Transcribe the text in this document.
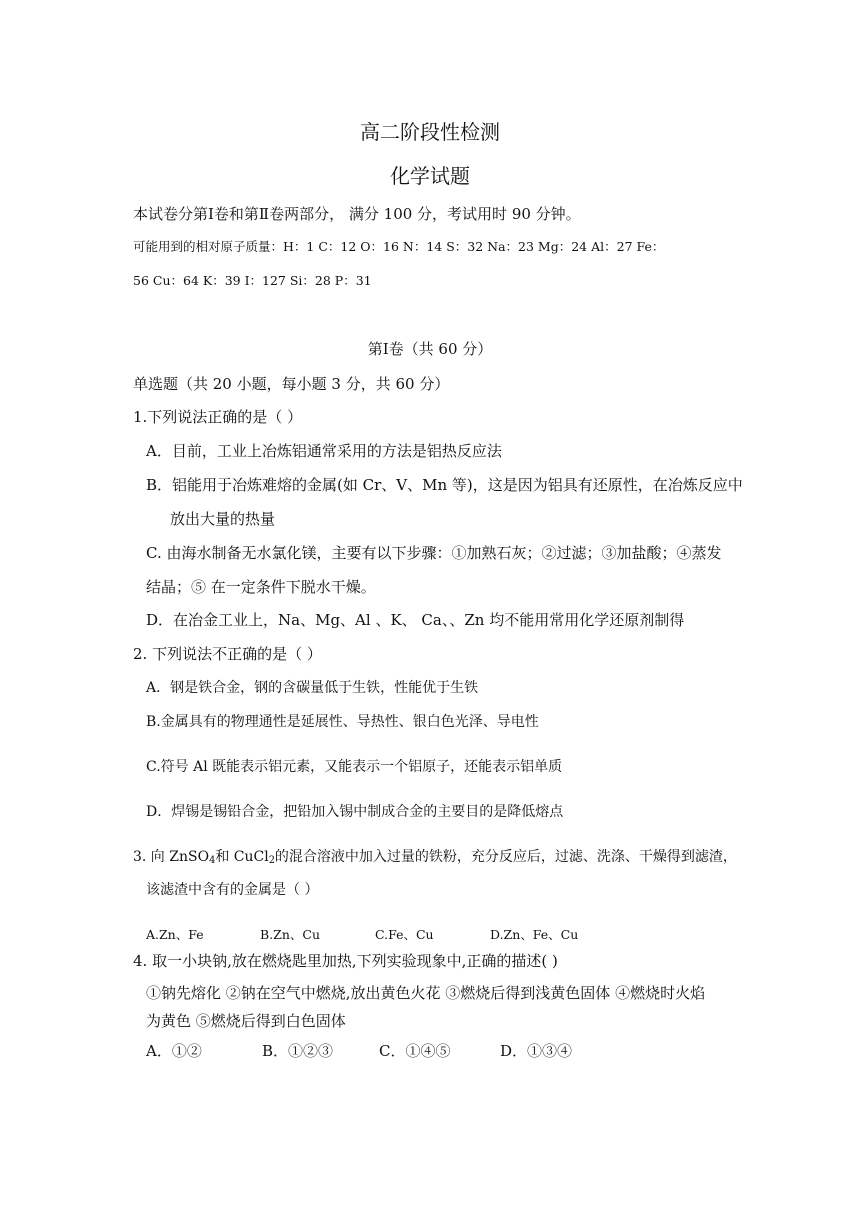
高二阶段性检测
化学试题
本试卷分第Ⅰ卷和第Ⅱ卷两部分， 满分 100 分，考试用时 90 分钟。
可能用到的相对原子质量：H：1 C：12 O：16 N：14 S：32 Na：23 Mg：24 Al：27 Fe：
56 Cu：64 K：39 I：127 Si：28 P：31
第Ⅰ卷（共 60 分）
单选题（共 20 小题，每小题 3 分，共 60 分）
1.下列说法正确的是（ ）
A．目前，工业上冶炼铝通常采用的方法是铝热反应法
B．铝能用于冶炼难熔的金属(如 Cr、V、Mn 等)，这是因为铝具有还原性，在冶炼反应中
放出大量的热量
C. 由海水制备无水氯化镁，主要有以下步骤：①加熟石灰；②过滤；③加盐酸；④蒸发
结晶；⑤ 在一定条件下脱水干燥。
D．在冶金工业上，Na、Mg、Al 、K、 Ca、、Zn 均不能用常用化学还原剂制得
2. 下列说法不正确的是（ ）
A．钢是铁合金，钢的含碳量低于生铁，性能优于生铁
B.金属具有的物理通性是延展性、导热性、银白色光泽、导电性
C.符号 Al 既能表示铝元素，又能表示一个铝原子，还能表示铝单质
D．焊锡是锡铅合金，把铅加入锡中制成合金的主要目的是降低熔点
3. 向 ZnSO$_4$和 CuCl$_2$的混合溶液中加入过量的铁粉，充分反应后，过滤、洗涤、干燥得到滤渣，
该滤渣中含有的金属是（ ）
A.Zn、Fe	B.Zn、Cu	C.Fe、Cu	D.Zn、Fe、Cu
4. 取一小块钠,放在燃烧匙里加热,下列实验现象中,正确的描述( )
①钠先熔化 ②钠在空气中燃烧,放出黄色火花 ③燃烧后得到浅黄色固体 ④燃烧时火焰
为黄色 ⑤燃烧后得到白色固体
A．①②	B．①②③	C．①④⑤	D．①③④
